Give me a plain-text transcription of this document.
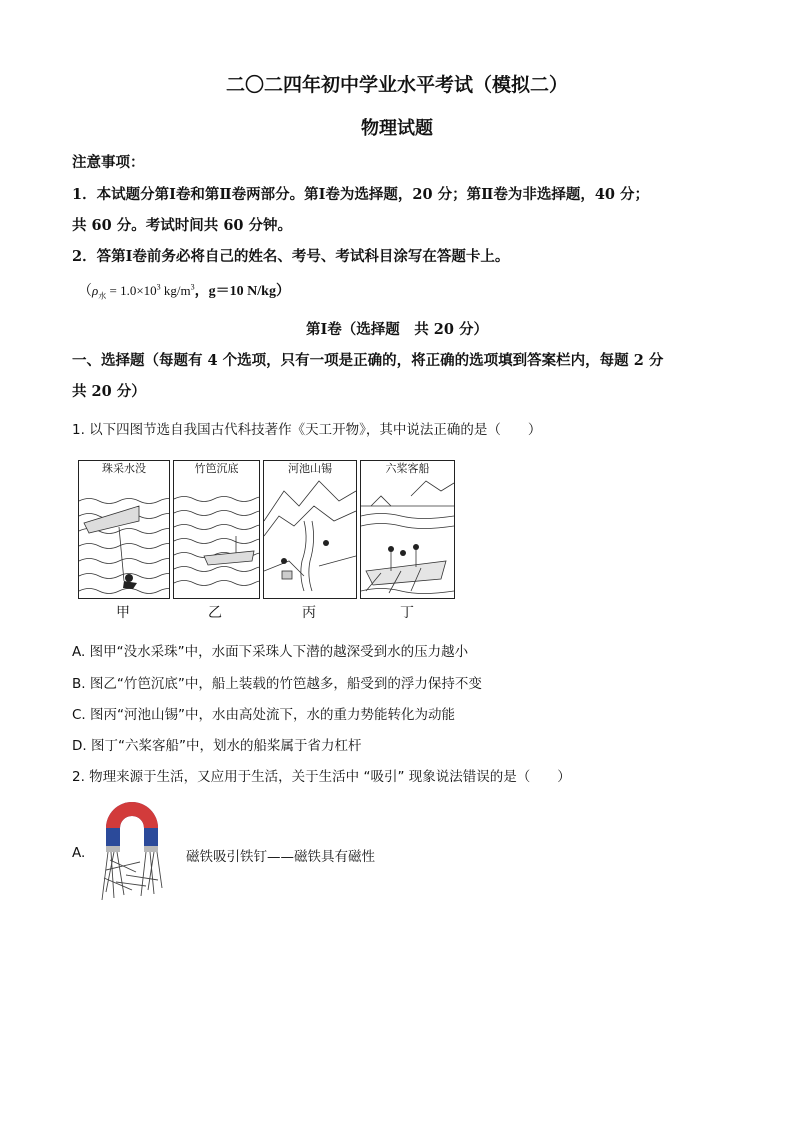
二〇二四年初中学业水平考试（模拟二）
物理试题
注意事项：
1．本试题分第Ⅰ卷和第Ⅱ卷两部分。第Ⅰ卷为选择题，20 分；第Ⅱ卷为非选择题，40 分；
共 60 分。考试时间共 60 分钟。
2．答第Ⅰ卷前务必将自己的姓名、考号、考试科目涂写在答题卡上。
（$\rho_水 = 1.0\times 10^3$ $kg/m^3$，g＝10 N/kg）
第Ⅰ卷（选择题　共 20 分）
一、选择题（每题有 4 个选项，只有一项是正确的，将正确的选项填到答案栏内，每题 2 分
共 20 分）
1. 以下四图节选自我国古代科技著作《天工开物》，其中说法正确的是（　　）
珠采水没	竹笆沉底	河池山锡	六桨客船
甲	乙	丙	丁
A. 图甲“没水采珠”中，水面下采珠人下潜的越深受到水的压力越小
B. 图乙“竹笆沉底”中，船上装载的竹笆越多，船受到的浮力保持不变
C. 图丙“河池山锡”中，水由高处流下，水的重力势能转化为动能
D. 图丁“六桨客船”中，划水的船桨属于省力杠杆
2. 物理来源于生活，又应用于生活，关于生活中 “吸引” 现象说法错误的是（　　）
A.	磁铁吸引铁钉——磁铁具有磁性
